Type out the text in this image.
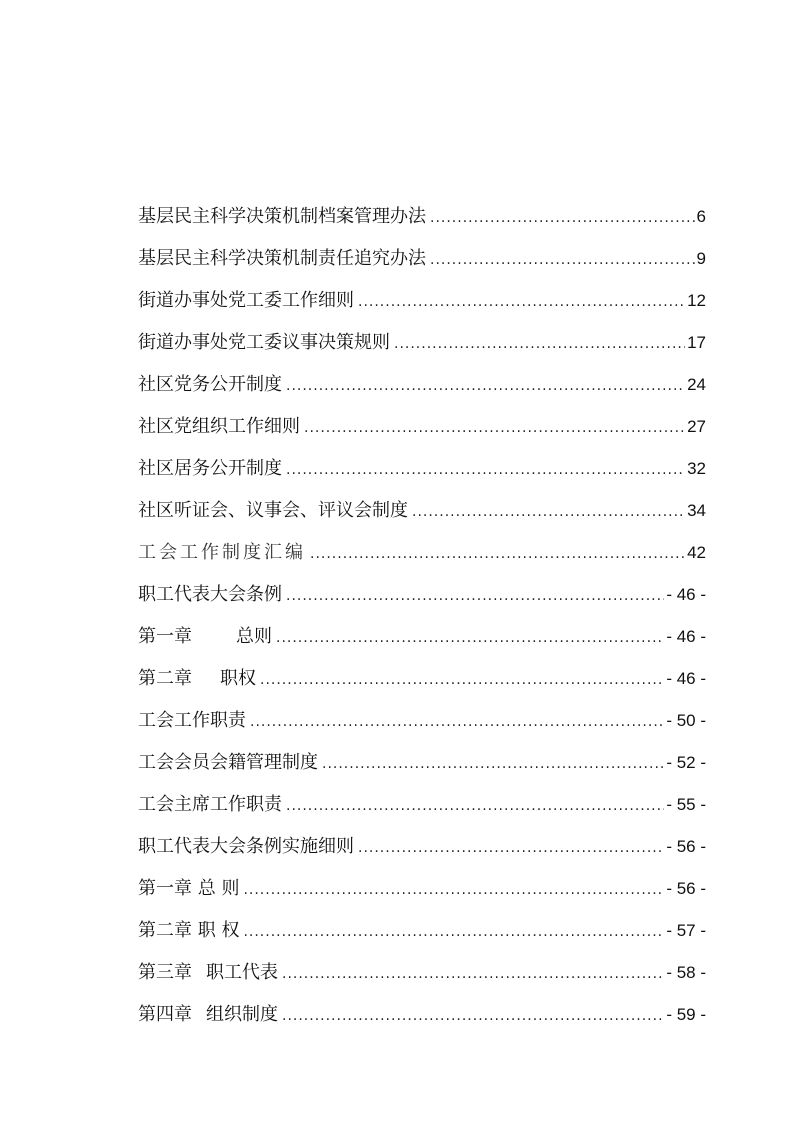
基层民主科学决策机制档案管理办法 .....	6
基层民主科学决策机制责任追究办法 .....	9
街道办事处党工委工作细则 .....	12
街道办事处党工委议事决策规则 .....	17
社区党务公开制度 .....	24
社区党组织工作细则 .....	27
社区居务公开制度 .....	32
社区听证会、议事会、评议会制度 .....	34
工会工作制度汇编 .....	42
职工代表大会条例 .....	- 46 -
第一章 总则 .....	- 46 -
第二章 职权 .....	- 46 -
工会工作职责 .....	- 50 -
工会会员会籍管理制度 .....	- 52 -
工会主席工作职责 .....	- 55 -
职工代表大会条例实施细则 .....	- 56 -
第一章 总 则 .....	- 56 -
第二章 职 权 .....	- 57 -
第三章 职工代表 .....	- 58 -
第四章 组织制度 .....	- 59 -
